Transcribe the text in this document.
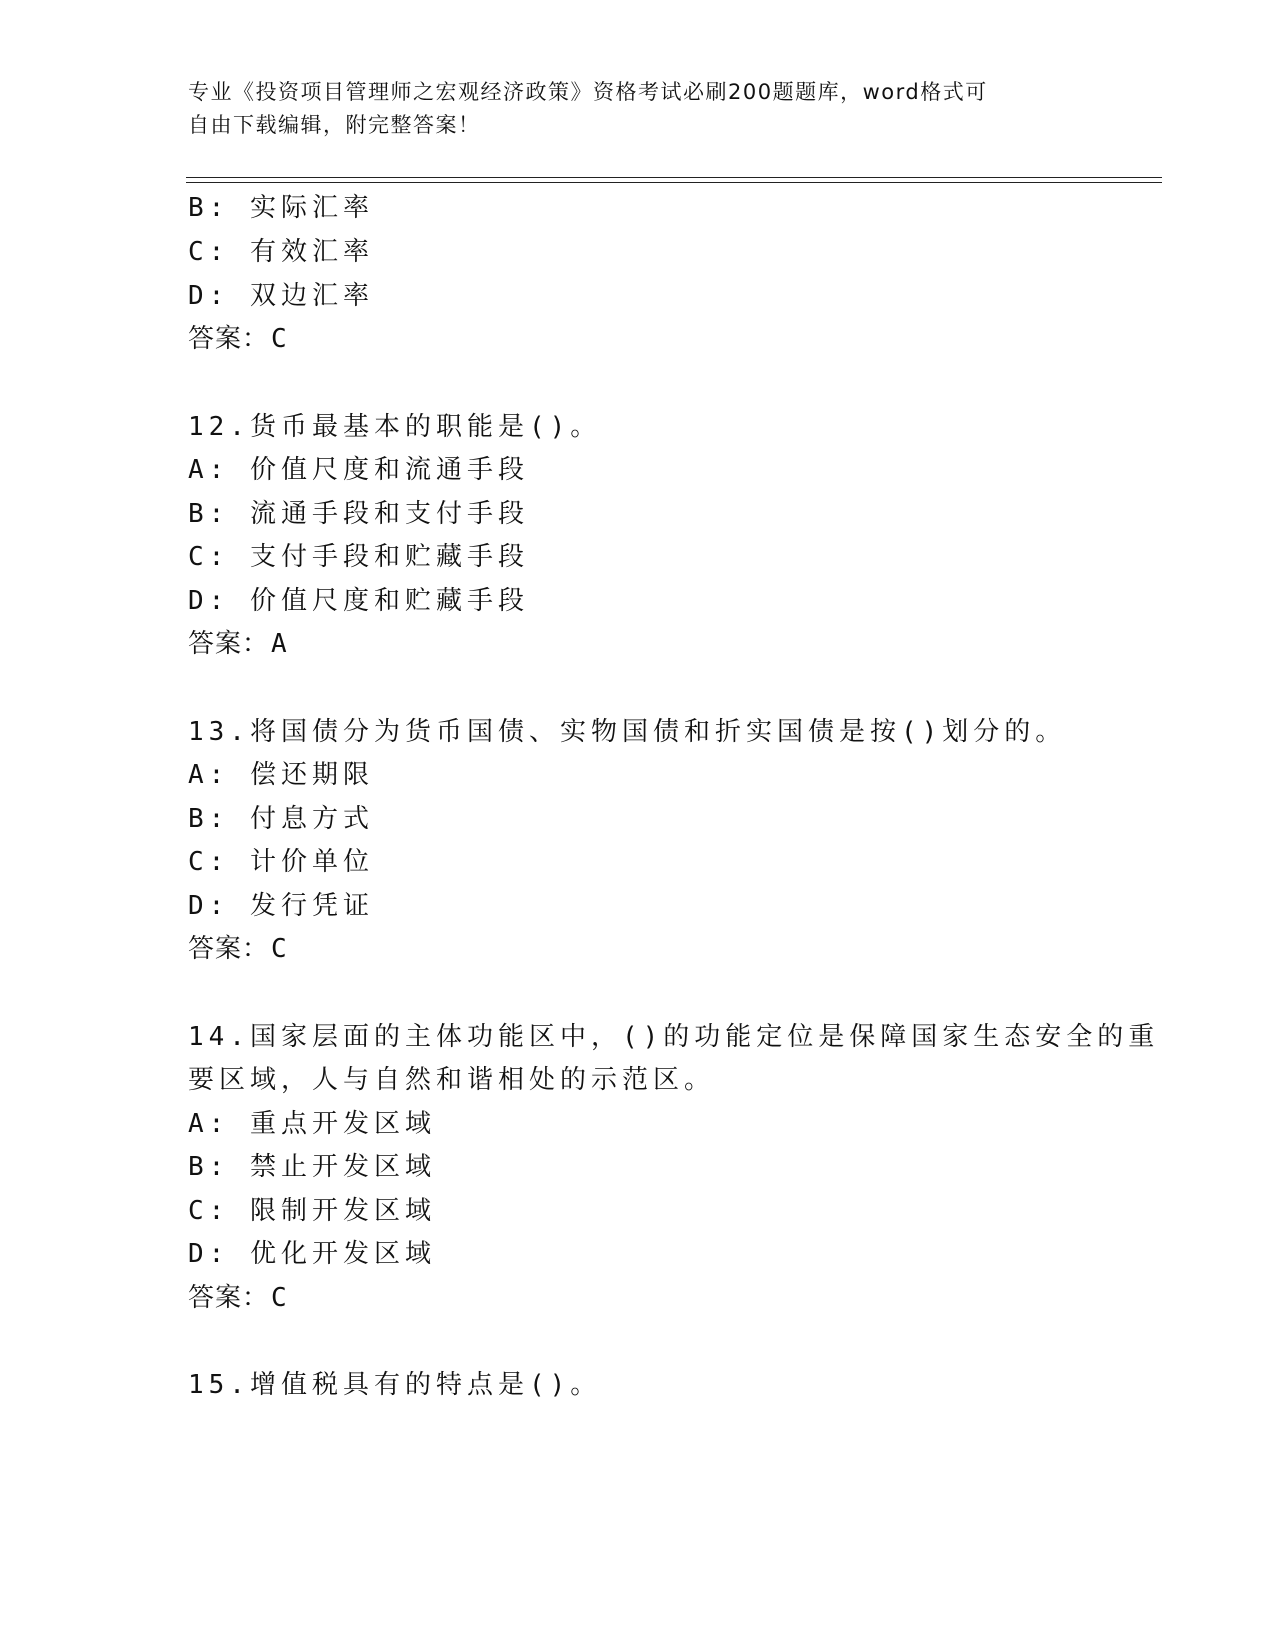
专业《投资项目管理师之宏观经济政策》资格考试必刷200题题库，word格式可
自由下载编辑，附完整答案！
B: 实际汇率
C: 有效汇率
D: 双边汇率
答案：C
12.货币最基本的职能是()。
A: 价值尺度和流通手段
B: 流通手段和支付手段
C: 支付手段和贮藏手段
D: 价值尺度和贮藏手段
答案：A
13.将国债分为货币国债、实物国债和折实国债是按()划分的。
A: 偿还期限
B: 付息方式
C: 计价单位
D: 发行凭证
答案：C
14.国家层面的主体功能区中，()的功能定位是保障国家生态安全的重
要区域，人与自然和谐相处的示范区。
A: 重点开发区域
B: 禁止开发区域
C: 限制开发区域
D: 优化开发区域
答案：C
15.增值税具有的特点是()。
